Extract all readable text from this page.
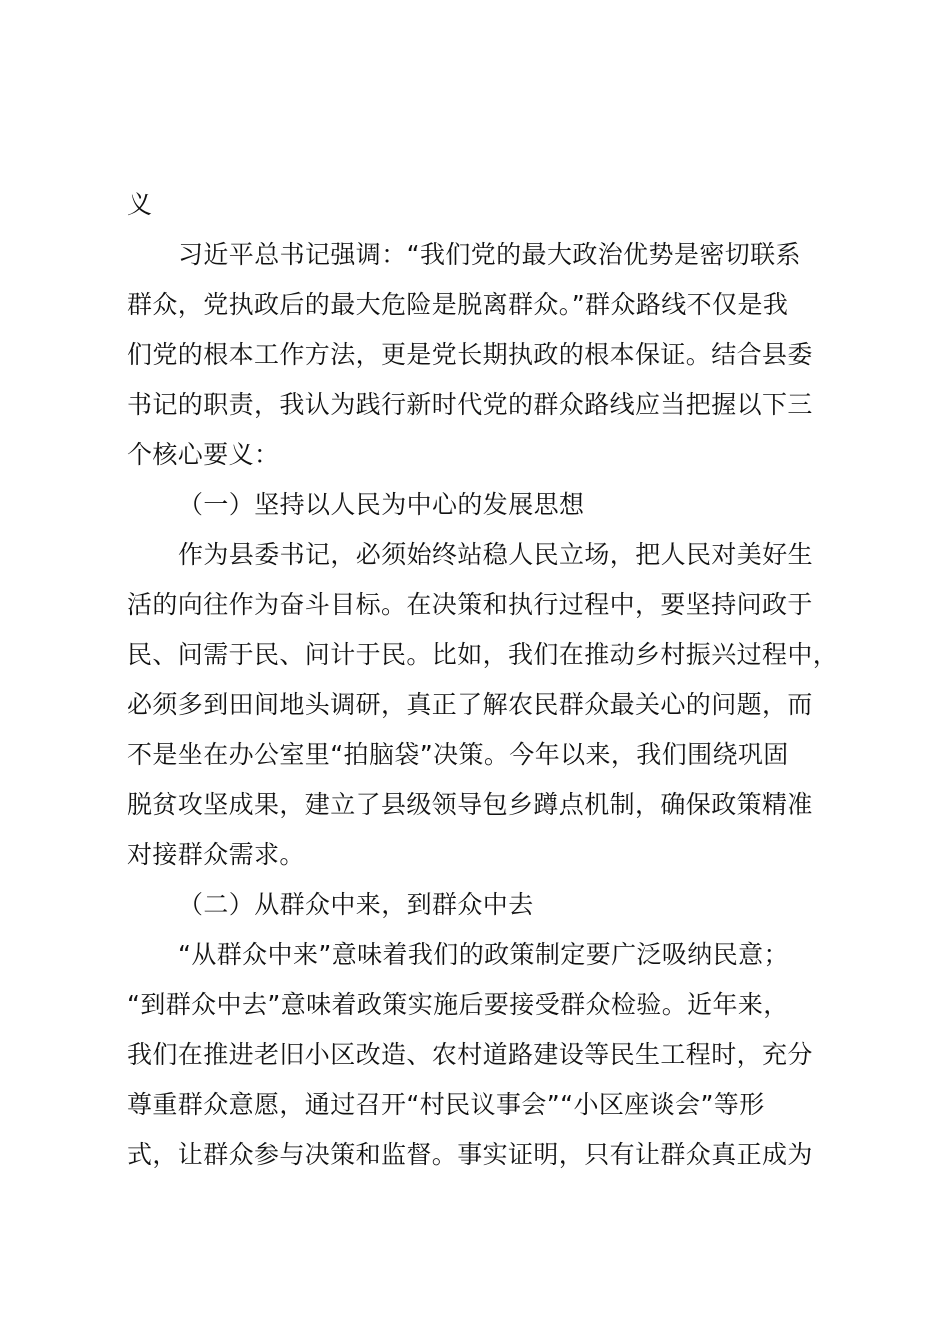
义
习近平总书记强调：“我们党的最大政治优势是密切联系
群众，党执政后的最大危险是脱离群众。”群众路线不仅是我
们党的根本工作方法，更是党长期执政的根本保证。结合县委
书记的职责，我认为践行新时代党的群众路线应当把握以下三
个核心要义：
（一）坚持以人民为中心的发展思想
作为县委书记，必须始终站稳人民立场，把人民对美好生
活的向往作为奋斗目标。在决策和执行过程中，要坚持问政于
民、问需于民、问计于民。比如，我们在推动乡村振兴过程中，
必须多到田间地头调研，真正了解农民群众最关心的问题，而
不是坐在办公室里“拍脑袋”决策。今年以来，我们围绕巩固
脱贫攻坚成果，建立了县级领导包乡蹲点机制，确保政策精准
对接群众需求。
（二）从群众中来，到群众中去
“从群众中来”意味着我们的政策制定要广泛吸纳民意；
“到群众中去”意味着政策实施后要接受群众检验。近年来，
我们在推进老旧小区改造、农村道路建设等民生工程时，充分
尊重群众意愿，通过召开“村民议事会”“小区座谈会”等形
式，让群众参与决策和监督。事实证明，只有让群众真正成为
